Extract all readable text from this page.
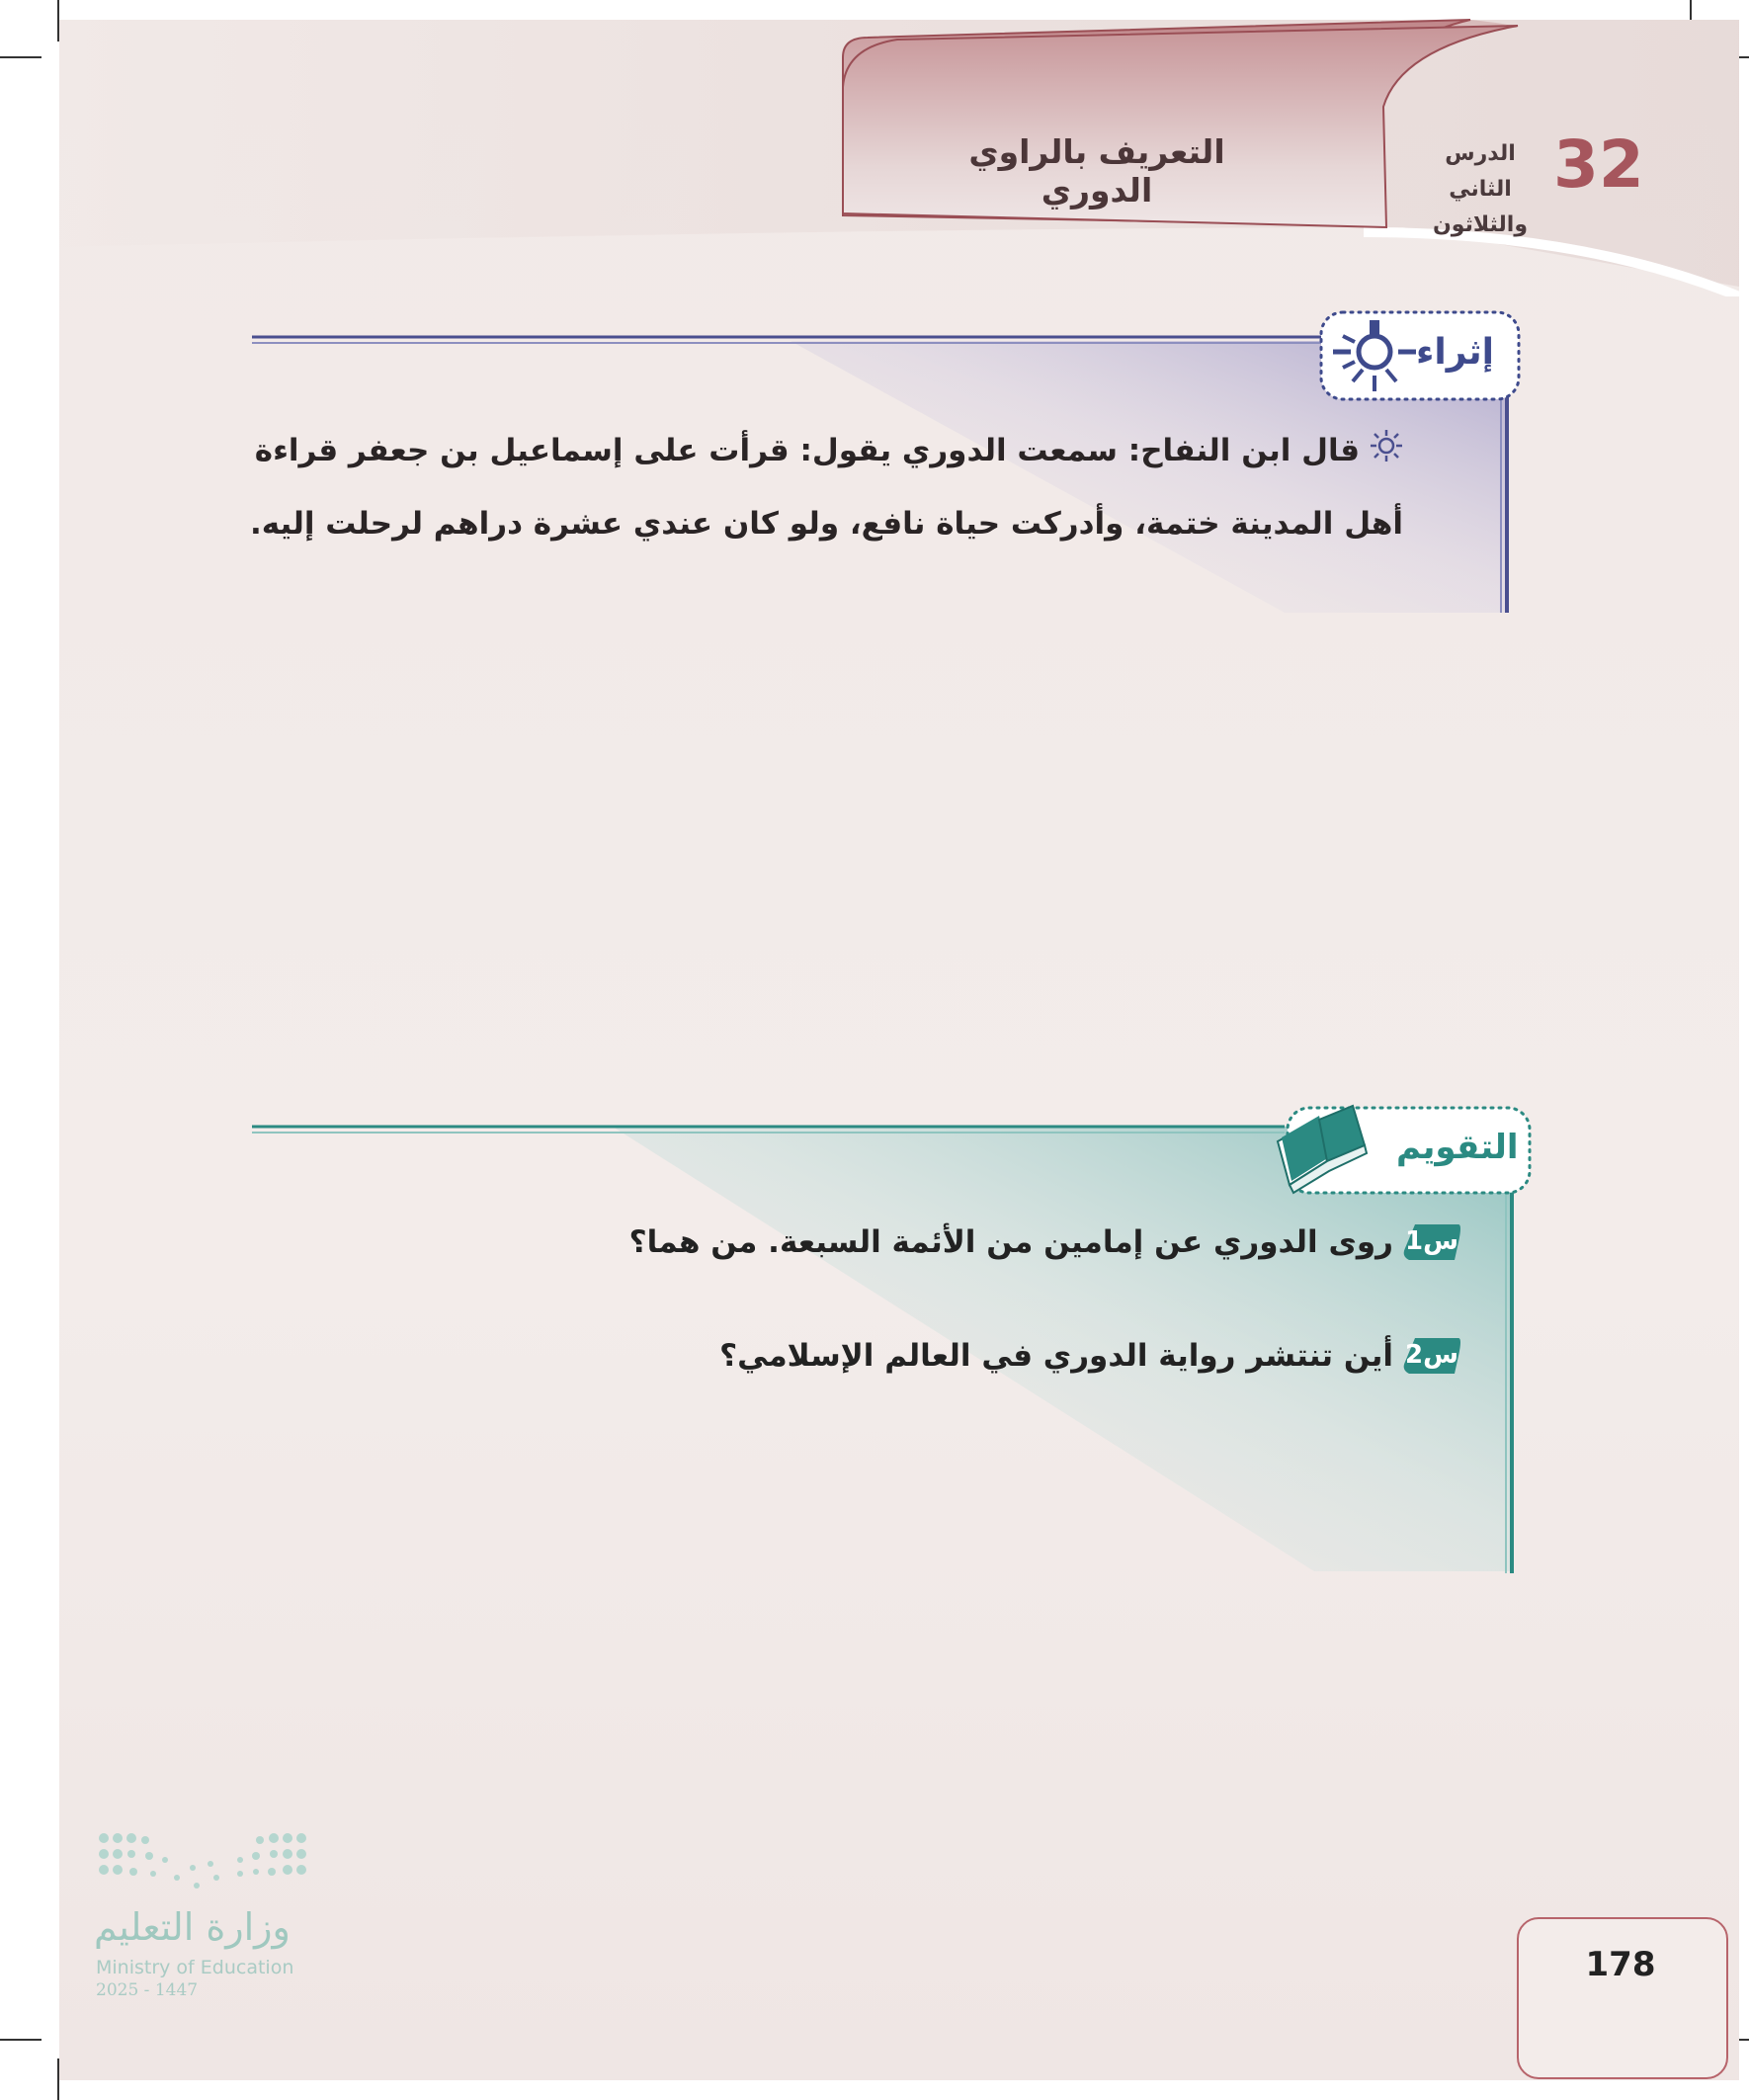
التعريف بالراوي الدوري	32
الدرس الثاني
والثلاثون
إثراء
قال ابن النفاح: سمعت الدوري يقول: قرأت على إسماعيل بن جعفر قراءة أهل المدينة ختمة، وأدركت حياة نافع، ولو كان عندي عشرة دراهم لرحلت إليه.
التقويم
س1
روى الدوري عن إمامين من الأئمة السبعة. من هما؟
س2
أين تنتشر رواية الدوري في العالم الإسلامي؟
وزارة التعليم
Ministry of Education
2025 - 1447
178
